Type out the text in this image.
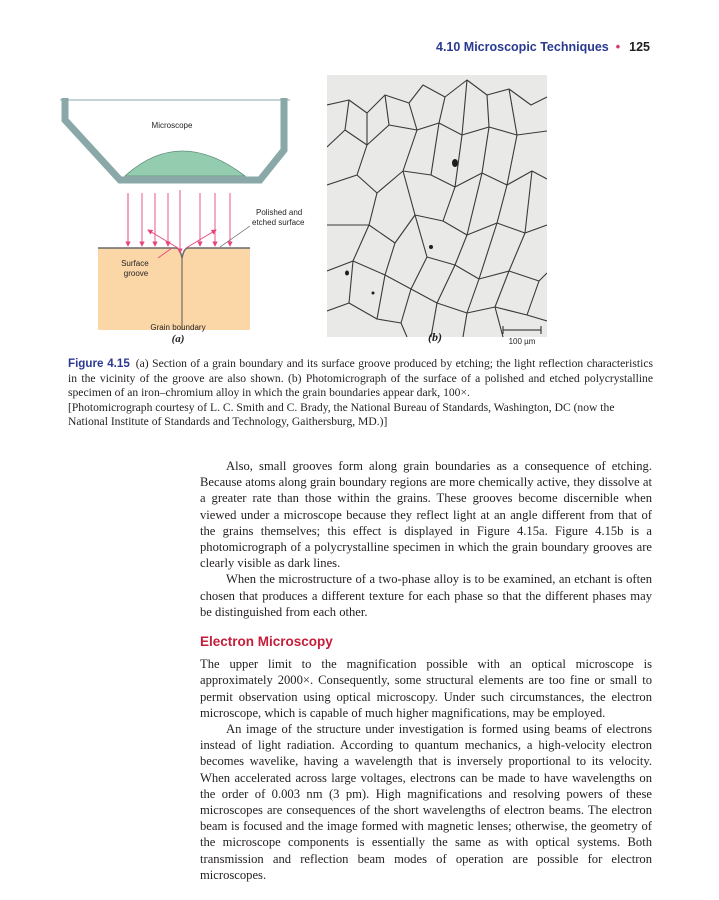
4.10 Microscopic Techniques • 125
Microscope
Polished and etched surface
Surface groove
Grain boundary
(a)	(b)	100 µm
Figure 4.15 (a) Section of a grain boundary and its surface groove produced by etching; the light reflection characteristics in the vicinity of the groove are also shown. (b) Photomicrograph of the surface of a polished and etched polycrystalline specimen of an iron–chromium alloy in which the grain boundaries appear dark, 100×.
[Photomicrograph courtesy of L. C. Smith and C. Brady, the National Bureau of Standards, Washington, DC (now the National Institute of Standards and Technology, Gaithersburg, MD.)]

Also, small grooves form along grain boundaries as a consequence of etching. Because atoms along grain boundary regions are more chemically active, they dissolve at a greater rate than those within the grains. These grooves become discernible when viewed under a microscope because they reflect light at an angle different from that of the grains themselves; this effect is displayed in Figure 4.15a. Figure 4.15b is a photomicrograph of a polycrystalline specimen in which the grain boundary grooves are clearly visible as dark lines.

When the microstructure of a two-phase alloy is to be examined, an etchant is often chosen that produces a different texture for each phase so that the different phases may be distinguished from each other.

Electron Microscopy

The upper limit to the magnification possible with an optical microscope is approximately 2000×. Consequently, some structural elements are too fine or small to permit observation using optical microscopy. Under such circumstances, the electron microscope, which is capable of much higher magnifications, may be employed.

An image of the structure under investigation is formed using beams of electrons instead of light radiation. According to quantum mechanics, a high-velocity electron becomes wavelike, having a wavelength that is inversely proportional to its velocity. When accelerated across large voltages, electrons can be made to have wavelengths on the order of 0.003 nm (3 pm). High magnifications and resolving powers of these microscopes are consequences of the short wavelengths of electron beams. The electron beam is focused and the image formed with magnetic lenses; otherwise, the geometry of the microscope components is essentially the same as with optical systems. Both transmission and reflection beam modes of operation are possible for electron microscopes.
